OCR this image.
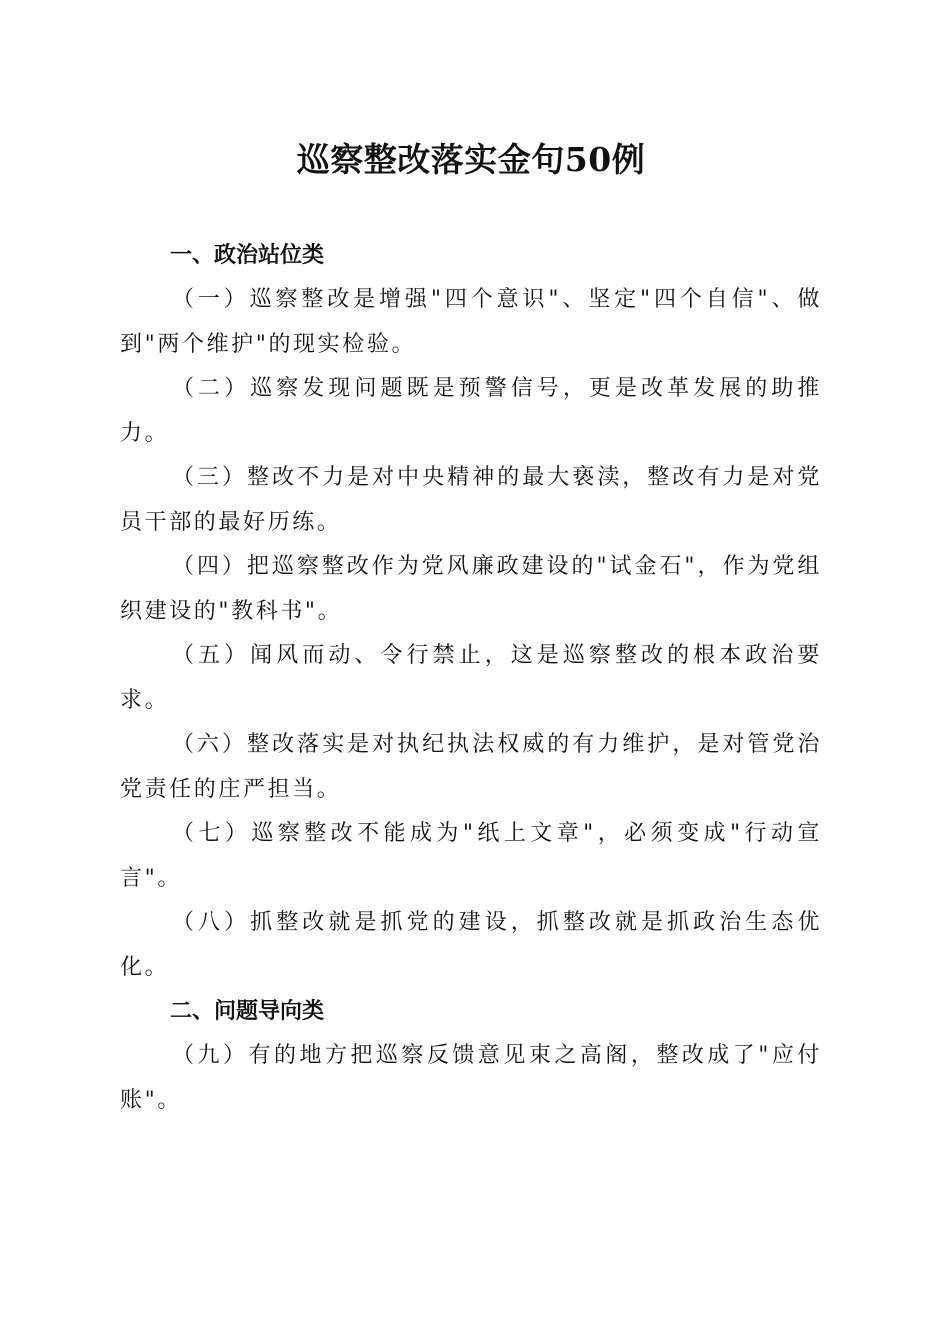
巡察整改落实金句50例
一、政治站位类

（一）巡察整改是增强"四个意识"、坚定"四个自信"、做到"两个维护"的现实检验。

（二）巡察发现问题既是预警信号，更是改革发展的助推力。

（三）整改不力是对中央精神的最大亵渎，整改有力是对党员干部的最好历练。

（四）把巡察整改作为党风廉政建设的"试金石"，作为党组织建设的"教科书"。

（五）闻风而动、令行禁止，这是巡察整改的根本政治要求。

（六）整改落实是对执纪执法权威的有力维护，是对管党治党责任的庄严担当。

（七）巡察整改不能成为"纸上文章"，必须变成"行动宣言"。

（八）抓整改就是抓党的建设，抓整改就是抓政治生态优化。

二、问题导向类

（九）有的地方把巡察反馈意见束之高阁，整改成了"应付账"。
